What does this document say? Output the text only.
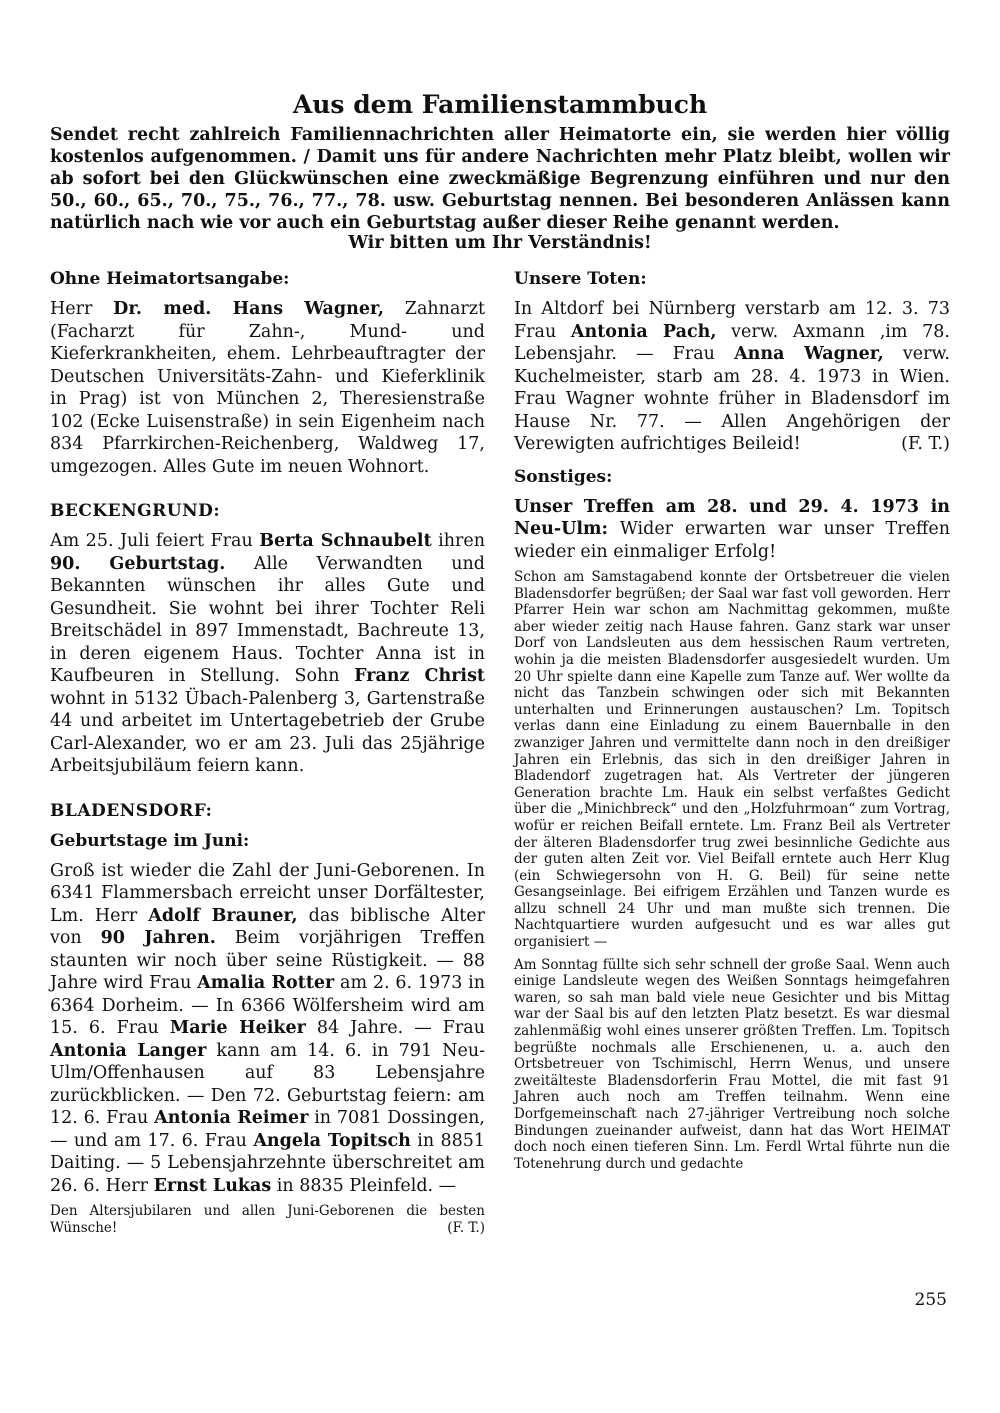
Aus dem Familienstammbuch

Sendet recht zahlreich Familiennachrichten aller Heimatorte ein, sie werden hier völlig kostenlos aufgenommen. / Damit uns für andere Nachrichten mehr Platz bleibt, wollen wir ab sofort bei den Glückwünschen eine zweckmäßige Begrenzung einführen und nur den 50., 60., 65., 70., 75., 76., 77., 78. usw. Geburtstag nennen. Bei besonderen Anlässen kann natürlich nach wie vor auch ein Geburtstag außer dieser Reihe genannt werden.

Wir bitten um Ihr Verständnis!

Ohne Heimatortsangabe:

Herr Dr. med. Hans Wagner, Zahnarzt (Facharzt für Zahn-, Mund- und Kieferkrankheiten, ehem. Lehrbeauftragter der Deutschen Universitäts-Zahn- und Kieferklinik in Prag) ist von München 2, Theresienstraße 102 (Ecke Luisenstraße) in sein Eigenheim nach 834 Pfarrkirchen-Reichenberg, Waldweg 17, umgezogen. Alles Gute im neuen Wohnort.

BECKENGRUND:

Am 25. Juli feiert Frau Berta Schnaubelt ihren 90. Geburtstag. Alle Verwandten und Bekannten wünschen ihr alles Gute und Gesundheit. Sie wohnt bei ihrer Tochter Reli Breitschädel in 897 Immenstadt, Bachreute 13, in deren eigenem Haus. Tochter Anna ist in Kaufbeuren in Stellung. Sohn Franz Christ wohnt in 5132 Übach-Palenberg 3, Gartenstraße 44 und arbeitet im Untertagebetrieb der Grube Carl-Alexander, wo er am 23. Juli das 25jährige Arbeitsjubiläum feiern kann.

BLADENSDORF:

Geburtstage im Juni:

Groß ist wieder die Zahl der Juni-Geborenen. In 6341 Flammersbach erreicht unser Dorfältester, Lm. Herr Adolf Brauner, das biblische Alter von 90 Jahren. Beim vorjährigen Treffen staunten wir noch über seine Rüstigkeit. — 88 Jahre wird Frau Amalia Rotter am 2. 6. 1973 in 6364 Dorheim. — In 6366 Wölfersheim wird am 15. 6. Frau Marie Heiker 84 Jahre. — Frau Antonia Langer kann am 14. 6. in 791 Neu-Ulm/Offenhausen auf 83 Lebensjahre zurückblicken. — Den 72. Geburtstag feiern: am 12. 6. Frau Antonia Reimer in 7081 Dossingen, — und am 17. 6. Frau Angela Topitsch in 8851 Daiting. — 5 Lebensjahrzehnte überschreitet am 26. 6. Herr Ernst Lukas in 8835 Pleinfeld. —

Den Altersjubilaren und allen Juni-Geborenen die besten Wünsche!	(F. T.)

Unsere Toten:

In Altdorf bei Nürnberg verstarb am 12. 3. 73 Frau Antonia Pach, verw. Axmann ‚im 78. Lebensjahr. — Frau Anna Wagner, verw. Kuchelmeister, starb am 28. 4. 1973 in Wien. Frau Wagner wohnte früher in Bladensdorf im Hause Nr. 77. — Allen Angehörigen der Verewigten aufrichtiges Beileid!	(F. T.)

Sonstiges:

Unser Treffen am 28. und 29. 4. 1973 in Neu-Ulm: Wider erwarten war unser Treffen wieder ein einmaliger Erfolg!

Schon am Samstagabend konnte der Ortsbetreuer die vielen Bladensdorfer begrüßen; der Saal war fast voll geworden. Herr Pfarrer Hein war schon am Nachmittag gekommen, mußte aber wieder zeitig nach Hause fahren. Ganz stark war unser Dorf von Landsleuten aus dem hessischen Raum vertreten, wohin ja die meisten Bladensdorfer ausgesiedelt wurden. Um 20 Uhr spielte dann eine Kapelle zum Tanze auf. Wer wollte da nicht das Tanzbein schwingen oder sich mit Bekannten unterhalten und Erinnerungen austauschen? Lm. Topitsch verlas dann eine Einladung zu einem Bauernballe in den zwanziger Jahren und vermittelte dann noch in den dreißiger Jahren ein Erlebnis, das sich in den dreißiger Jahren in Bladendorf zugetragen hat. Als Vertreter der jüngeren Generation brachte Lm. Hauk ein selbst verfaßtes Gedicht über die „Minichbreck“ und den „Holzfuhrmoan“ zum Vortrag, wofür er reichen Beifall erntete. Lm. Franz Beil als Vertreter der älteren Bladensdorfer trug zwei besinnliche Gedichte aus der guten alten Zeit vor. Viel Beifall erntete auch Herr Klug (ein Schwiegersohn von H. G. Beil) für seine nette Gesangseinlage. Bei eifrigem Erzählen und Tanzen wurde es allzu schnell 24 Uhr und man mußte sich trennen. Die Nachtquartiere wurden aufgesucht und es war alles gut organisiert —

Am Sonntag füllte sich sehr schnell der große Saal. Wenn auch einige Landsleute wegen des Weißen Sonntags heimgefahren waren, so sah man bald viele neue Gesichter und bis Mittag war der Saal bis auf den letzten Platz besetzt. Es war diesmal zahlenmäßig wohl eines unserer größten Treffen. Lm. Topitsch begrüßte nochmals alle Erschienenen, u. a. auch den Ortsbetreuer von Tschimischl, Herrn Wenus, und unsere zweitälteste Bladensdorferin Frau Mottel, die mit fast 91 Jahren auch noch am Treffen teilnahm. Wenn eine Dorfgemeinschaft nach 27-jähriger Vertreibung noch solche Bindungen zueinander aufweist, dann hat das Wort HEIMAT doch noch einen tieferen Sinn. Lm. Ferdl Wrtal führte nun die Totenehrung durch und gedachte

255
